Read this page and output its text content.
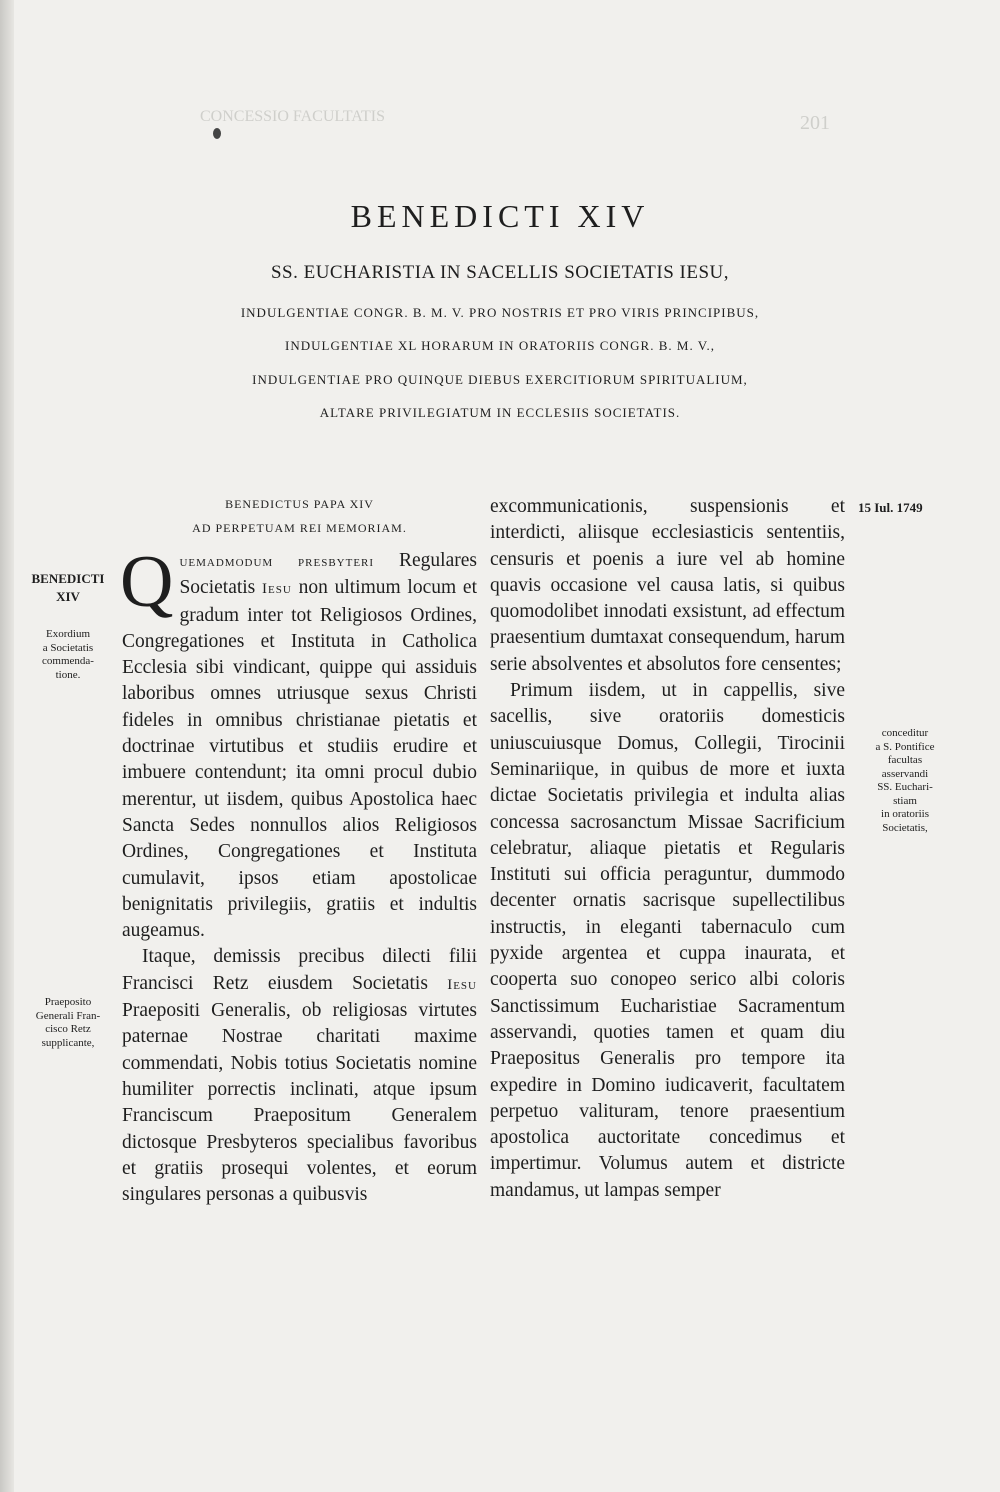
CONCESSIO FACULTATIS	201
BENEDICTI XIV
SS. EUCHARISTIA IN SACELLIS SOCIETATIS IESU,
INDULGENTIAE CONGR. B. M. V. PRO NOSTRIS ET PRO VIRIS PRINCIPIBUS,
INDULGENTIAE XL HORARUM IN ORATORIIS CONGR. B. M. V.,
INDULGENTIAE PRO QUINQUE DIEBUS EXERCITIORUM SPIRITUALIUM,
ALTARE PRIVILEGIATUM IN ECCLESIIS SOCIETATIS.
BENEDICTUS PAPA XIV
AD PERPETUAM REI MEMORIAM.

Quemadmodum presbyteri Regulares Societatis Iesu non ultimum locum et gradum inter tot Religiosos Ordines, Congregationes et Instituta in Catholica Ecclesia sibi vindicant, quippe qui assiduis laboribus omnes utriusque sexus Christi fideles in omnibus christianae pietatis et doctrinae virtutibus et studiis erudire et imbuere contendunt; ita omni procul dubio merentur, ut iisdem, quibus Apostolica haec Sancta Sedes nonnullos alios Religiosos Ordines, Congregationes et Instituta cumulavit, ipsos etiam apostolicae benignitatis privilegiis, gratiis et indultis augeamus.

Itaque, demissis precibus dilecti filii Francisci Retz eiusdem Societatis Iesu Praepositi Generalis, ob religiosas virtutes paternae Nostrae charitati maxime commendati, Nobis totius Societatis nomine humiliter porrectis inclinati, atque ipsum Franciscum Praepositum Generalem dictosque Presbyteros specialibus favoribus et gratiis prosequi volentes, et eorum singulares personas a quibusvis

excommunicationis, suspensionis et interdicti, aliisque ecclesiasticis sententiis, censuris et poenis a iure vel ab homine quavis occasione vel causa latis, si quibus quomodolibet innodati exsistunt, ad effectum praesentium dumtaxat consequendum, harum serie absolventes et absolutos fore censentes;

Primum iisdem, ut in cappellis, sive sacellis, sive oratoriis domesticis uniuscuiusque Domus, Collegii, Tirocinii Seminariique, in quibus de more et iuxta dictae Societatis privilegia et indulta alias concessa sacrosanctum Missae Sacrificium celebratur, aliaque pietatis et Regularis Instituti sui officia peraguntur, dummodo decenter ornatis sacrisque supellectilibus instructis, in eleganti tabernaculo cum pyxide argentea et cuppa inaurata, et cooperta suo conopeo serico albi coloris Sanctissimum Eucharistiae Sacramentum asservandi, quoties tamen et quam diu Praepositus Generalis pro tempore ita expedire in Domino iudicaverit, facultatem perpetuo valituram, tenore praesentium apostolica auctoritate concedimus et impertimur. Volumus autem et districte mandamus, ut lampas semper

BENEDICTI
XIV
Exordium
a Societatis
commenda-
tione.
Praeposito
Generali Fran-
cisco Retz
supplicante,
15 Iul. 1749
conceditur
a S. Pontifice
facultas
asservandi
SS. Euchari-
stiam
in oratoriis
Societatis,
